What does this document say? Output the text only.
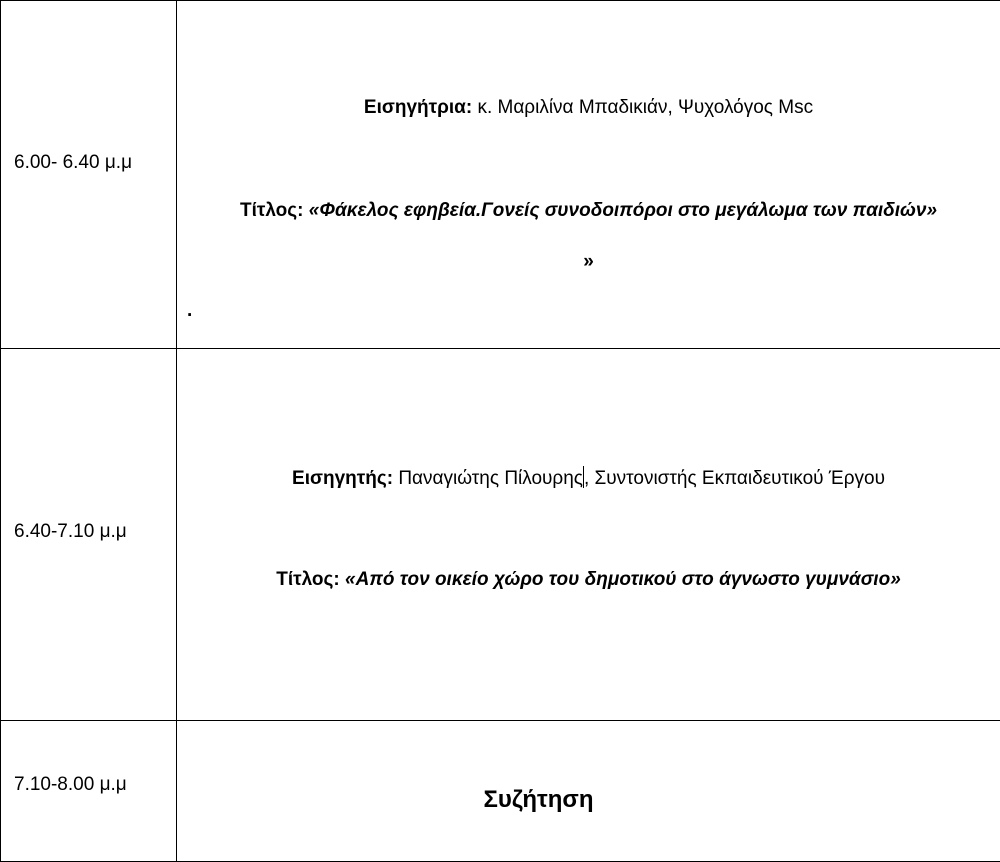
6.00- 6.40 μ.μ	Εισηγήτρια: κ. Μαριλίνα Μπαδικιάν, Ψυχολόγος Msc
Τίτλος: «Φάκελος εφηβεία.Γονείς συνοδοιπόροι στο μεγάλωμα των παιδιών»
»
.

6.40-7.10 μ.μ	Εισηγητής: Παναγιώτης Πίλουρης, Συντονιστής Εκπαιδευτικού Έργου
Τίτλος: «Από τον οικείο χώρο του δημοτικού στο άγνωστο γυμνάσιο»

7.10-8.00 μ.μ	Συζήτηση
